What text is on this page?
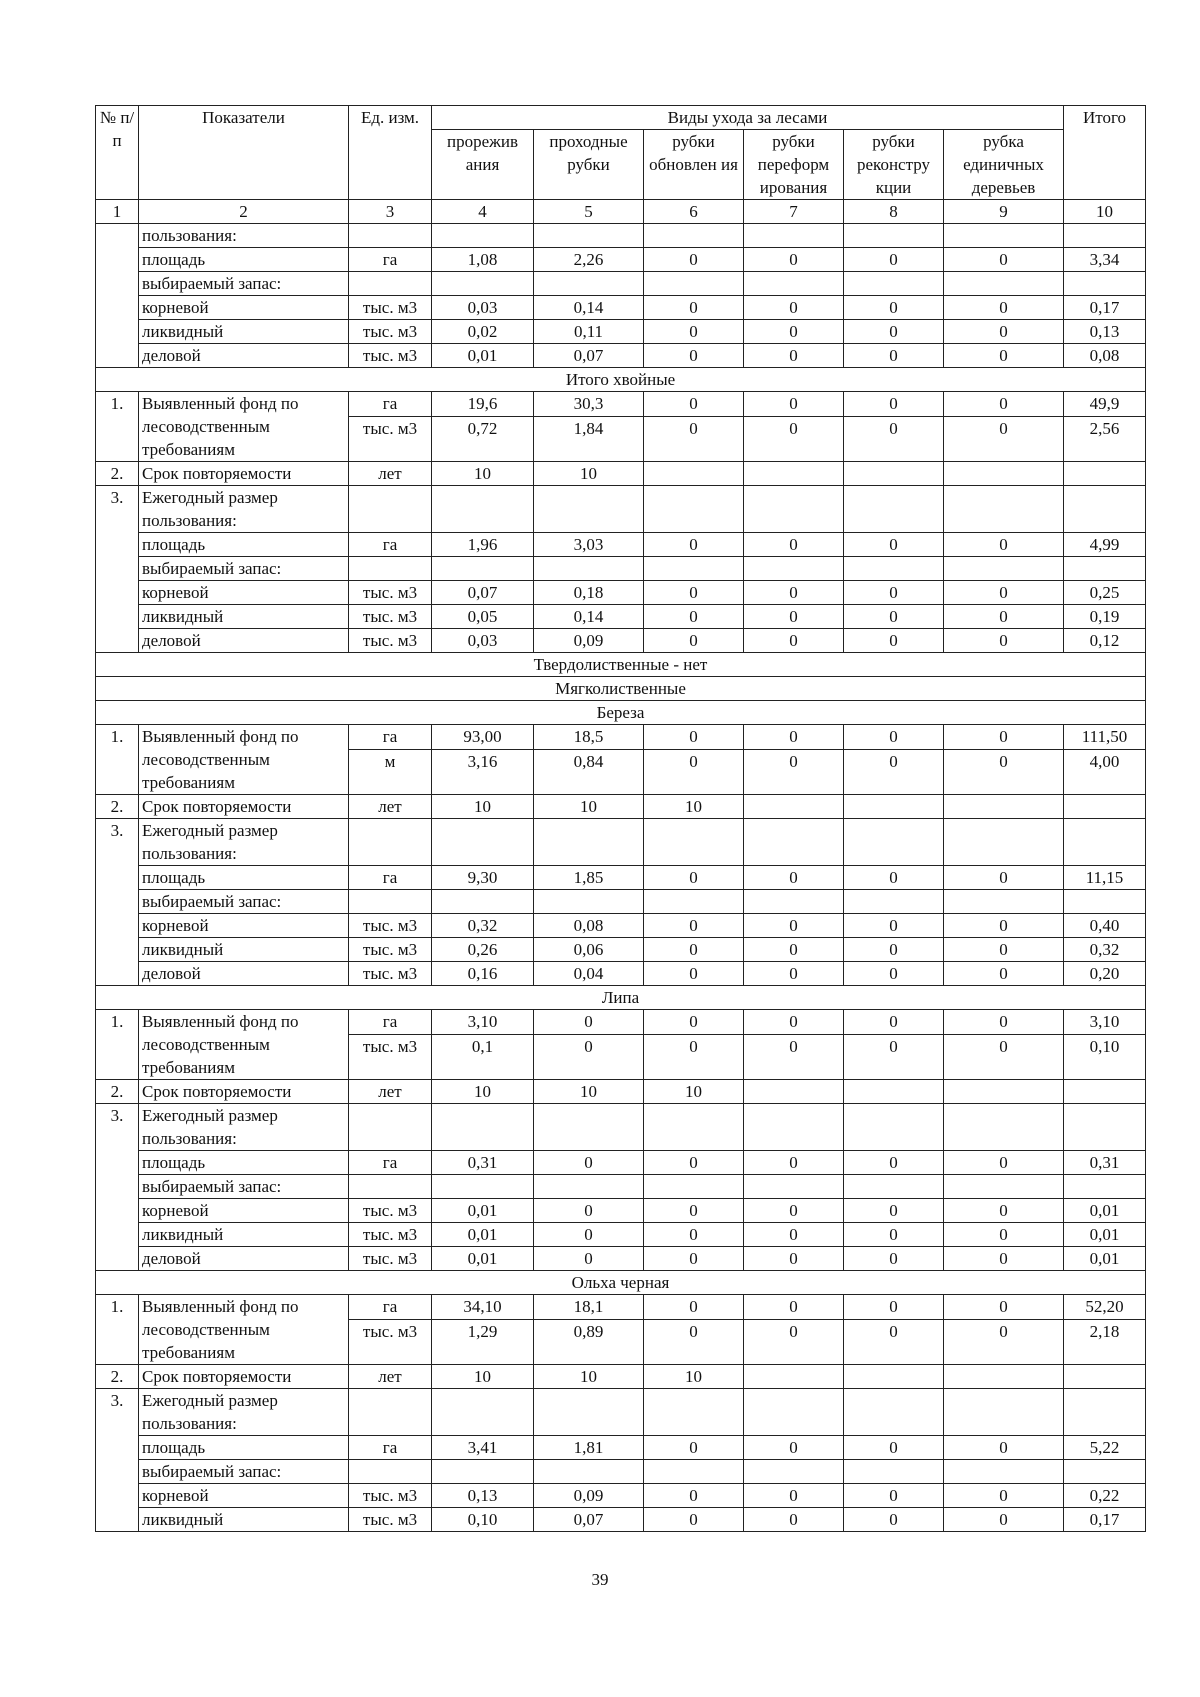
№ п/п	Показатели	Ед. изм.	Виды ухода за лесами						Итого
			прорежив ания	проходные рубки	рубки обновлен ия	рубки переформ ирования	рубки реконстру кции	рубка единичных деревьев	
1	2	3	4	5	6	7	8	9	10
	пользования:								
	площадь	га	1,08	2,26	0	0	0	0	3,34
	выбираемый запас:								
	корневой	тыс. м3	0,03	0,14	0	0	0	0	0,17
	ликвидный	тыс. м3	0,02	0,11	0	0	0	0	0,13
	деловой	тыс. м3	0,01	0,07	0	0	0	0	0,08
Итого хвойные									
1.	Выявленный фонд по лесоводственным требованиям	га	19,6	30,3	0	0	0	0	49,9
		тыс. м3	0,72	1,84	0	0	0	0	2,56
2.	Срок повторяемости	лет	10	10					
3.	Ежегодный размер пользования:								
	площадь	га	1,96	3,03	0	0	0	0	4,99
	выбираемый запас:								
	корневой	тыс. м3	0,07	0,18	0	0	0	0	0,25
	ликвидный	тыс. м3	0,05	0,14	0	0	0	0	0,19
	деловой	тыс. м3	0,03	0,09	0	0	0	0	0,12
Твердолиственные - нет									
Мягколиственные									
Береза									
1.	Выявленный фонд по лесоводственным требованиям	га	93,00	18,5	0	0	0	0	111,50
		м	3,16	0,84	0	0	0	0	4,00
2.	Срок повторяемости	лет	10	10	10				
3.	Ежегодный размер пользования:								
	площадь	га	9,30	1,85	0	0	0	0	11,15
	выбираемый запас:								
	корневой	тыс. м3	0,32	0,08	0	0	0	0	0,40
	ликвидный	тыс. м3	0,26	0,06	0	0	0	0	0,32
	деловой	тыс. м3	0,16	0,04	0	0	0	0	0,20
Липа									
1.	Выявленный фонд по лесоводственным требованиям	га	3,10	0	0	0	0	0	3,10
		тыс. м3	0,1	0	0	0	0	0	0,10
2.	Срок повторяемости	лет	10	10	10				
3.	Ежегодный размер пользования:								
	площадь	га	0,31	0	0	0	0	0	0,31
	выбираемый запас:								
	корневой	тыс. м3	0,01	0	0	0	0	0	0,01
	ликвидный	тыс. м3	0,01	0	0	0	0	0	0,01
	деловой	тыс. м3	0,01	0	0	0	0	0	0,01
Ольха черная									
1.	Выявленный фонд по лесоводственным требованиям	га	34,10	18,1	0	0	0	0	52,20
		тыс. м3	1,29	0,89	0	0	0	0	2,18
2.	Срок повторяемости	лет	10	10	10				
3.	Ежегодный размер пользования:								
	площадь	га	3,41	1,81	0	0	0	0	5,22
	выбираемый запас:								
	корневой	тыс. м3	0,13	0,09	0	0	0	0	0,22
	ликвидный	тыс. м3	0,10	0,07	0	0	0	0	0,17
39
